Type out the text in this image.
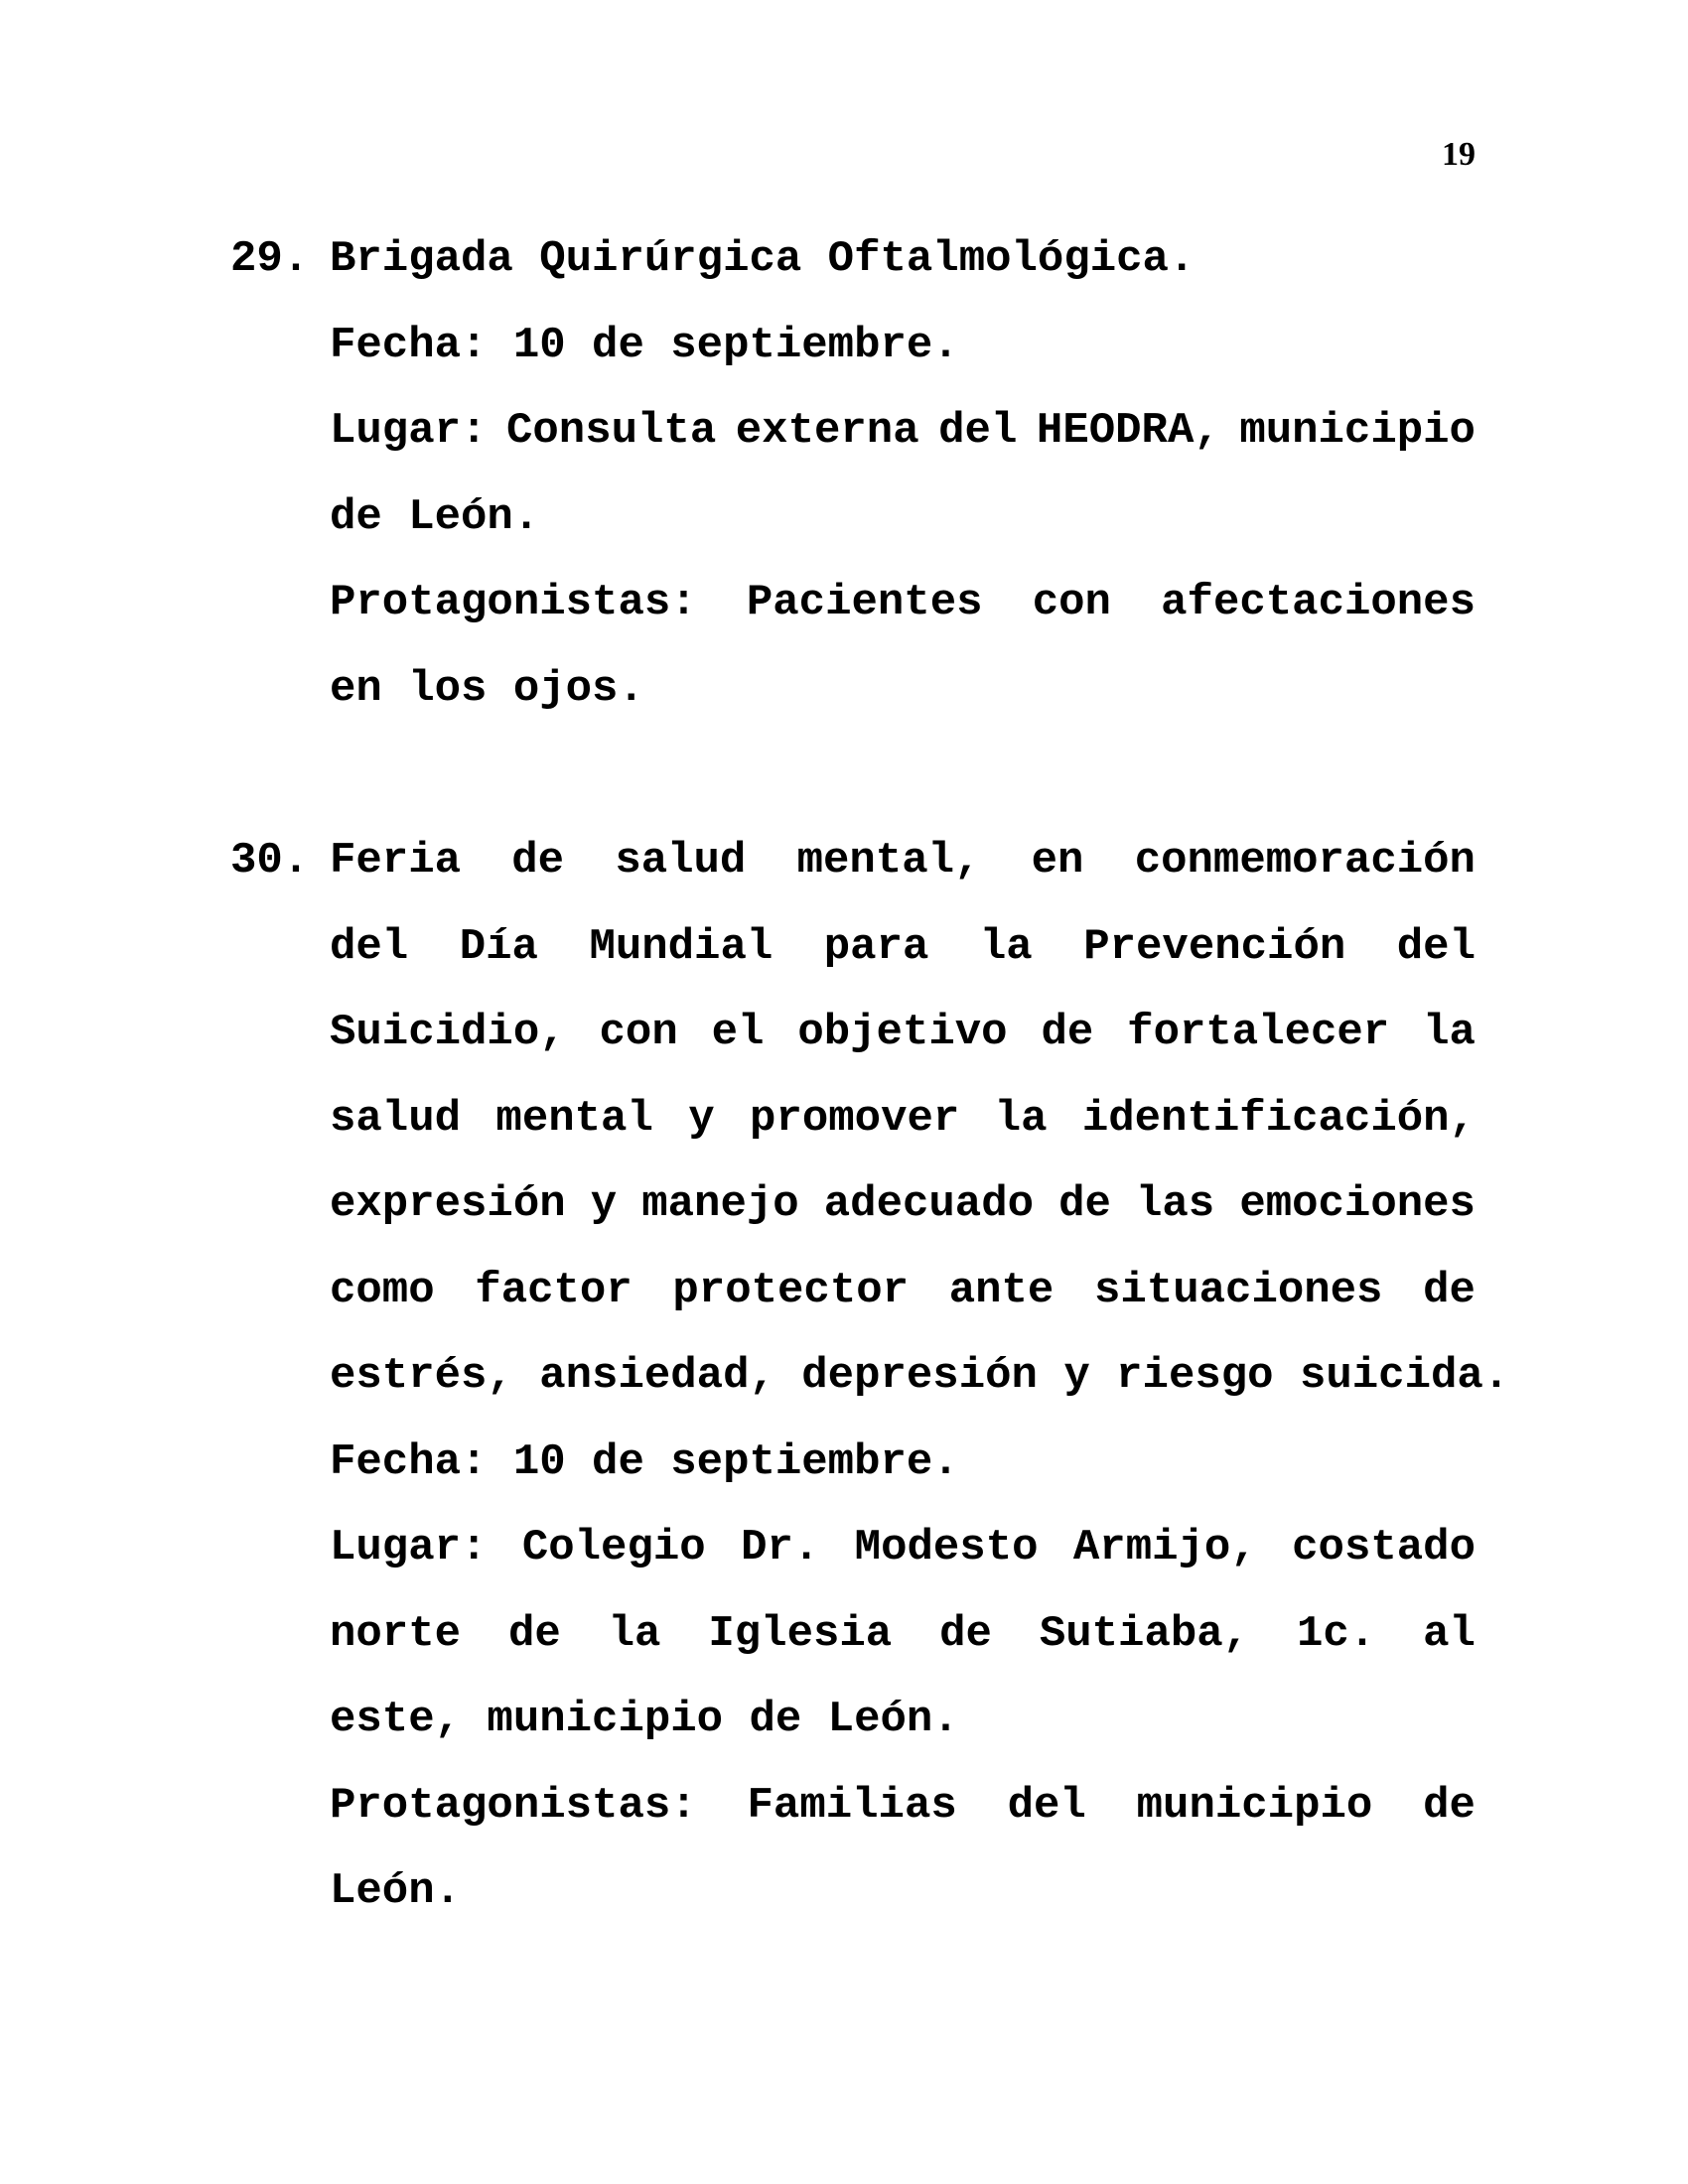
19
29. Brigada Quirúrgica Oftalmológica.
Fecha: 10 de septiembre.
Lugar: Consulta externa del HEODRA, municipio
de León.
Protagonistas: Pacientes con afectaciones
en los ojos.
30. Feria de salud mental, en conmemoración
del Día Mundial para la Prevención del
Suicidio, con el objetivo de fortalecer la
salud mental y promover la identificación,
expresión y manejo adecuado de las emociones
como factor protector ante situaciones de
estrés, ansiedad, depresión y riesgo suicida.
Fecha: 10 de septiembre.
Lugar: Colegio Dr. Modesto Armijo, costado
norte de la Iglesia de Sutiaba, 1c. al
este, municipio de León.
Protagonistas: Familias del municipio de
León.
